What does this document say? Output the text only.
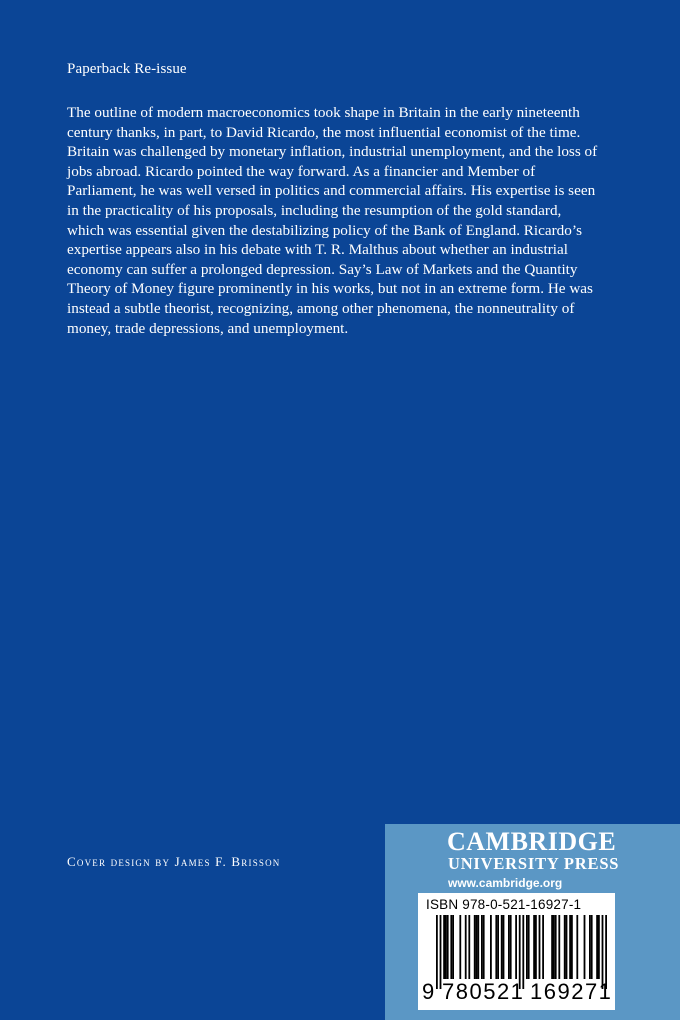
Paperback Re-issue

The outline of modern macroeconomics took shape in Britain in the early nineteenth
century thanks, in part, to David Ricardo, the most influential economist of the time.
Britain was challenged by monetary inflation, industrial unemployment, and the loss of
jobs abroad. Ricardo pointed the way forward. As a financier and Member of
Parliament, he was well versed in politics and commercial affairs. His expertise is seen
in the practicality of his proposals, including the resumption of the gold standard,
which was essential given the destabilizing policy of the Bank of England. Ricardo’s
expertise appears also in his debate with T. R. Malthus about whether an industrial
economy can suffer a prolonged depression. Say’s Law of Markets and the Quantity
Theory of Money figure prominently in his works, but not in an extreme form. He was
instead a subtle theorist, recognizing, among other phenomena, the nonneutrality of
money, trade depressions, and unemployment.

Cover design by James F. Brisson
CAMBRIDGE
UNIVERSITY PRESS
www.cambridge.org
ISBN 978-0-521-16927-1
9 780521 169271
